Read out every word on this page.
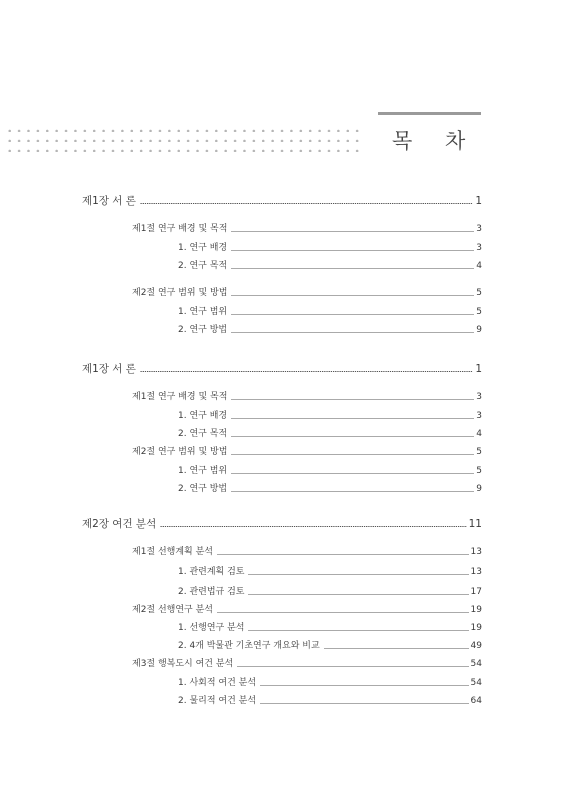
목 차
제1장 서 론	1
제1절 연구 배경 및 목적	3
1. 연구 배경	3
2. 연구 목적	4
제2절 연구 범위 및 방법	5
1. 연구 범위	5
2. 연구 방법	9
제1장 서 론	1
제1절 연구 배경 및 목적	3
1. 연구 배경	3
2. 연구 목적	4
제2절 연구 범위 및 방법	5
1. 연구 범위	5
2. 연구 방법	9
제2장 여건 분석	11
제1절 선행계획 분석	13
1. 관련계획 검토	13
2. 관련법규 검토	17
제2절 선행연구 분석	19
1. 선행연구 분석	19
2. 4개 박물관 기초연구 개요와 비교	49
제3절 행복도시 여건 분석	54
1. 사회적 여건 분석	54
2. 물리적 여건 분석	64
